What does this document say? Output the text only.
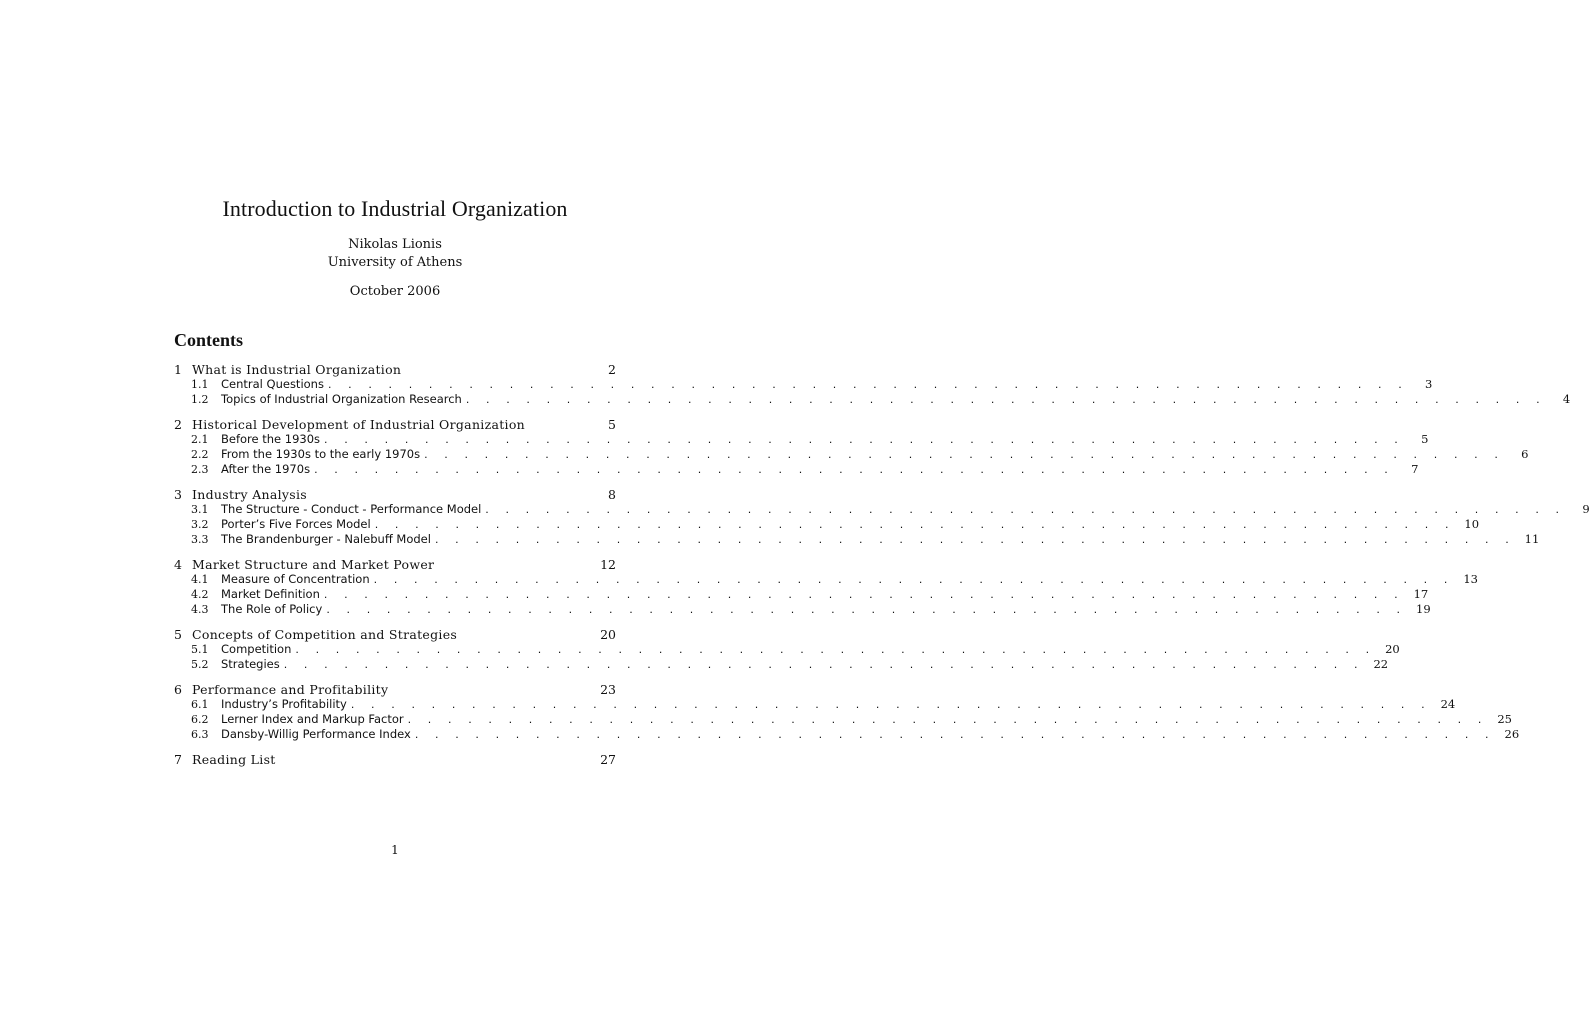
Introduction to Industrial Organization
Nikolas Lionis
University of Athens
October 2006
Contents
1 What is Industrial Organization	2
1.1	Central Questions . . . . . . . . . . . . . . . . . . . . . . . . . . . . . . . . . . . . . . . . . . . . . . . . . . . . . .	3
1.2	Topics of Industrial Organization Research . . . . . . . . . . . . . . . . . . . . . . . . . . . . . . . . . . . . . . . . . . . . . . . . . . . . . .	4
2 Historical Development of Industrial Organization	5
2.1	Before the 1930s . . . . . . . . . . . . . . . . . . . . . . . . . . . . . . . . . . . . . . . . . . . . . . . . . . . . . .	5
2.2	From the 1930s to the early 1970s . . . . . . . . . . . . . . . . . . . . . . . . . . . . . . . . . . . . . . . . . . . . . . . . . . . . . .	6
2.3	After the 1970s . . . . . . . . . . . . . . . . . . . . . . . . . . . . . . . . . . . . . . . . . . . . . . . . . . . . . .	7
3 Industry Analysis	8
3.1	The Structure - Conduct - Performance Model . . . . . . . . . . . . . . . . . . . . . . . . . . . . . . . . . . . . . . . . . . . . . . . . . . . . . .	9
3.2	Porter’s Five Forces Model . . . . . . . . . . . . . . . . . . . . . . . . . . . . . . . . . . . . . . . . . . . . . . . . . . . . . . 10
3.3	The Brandenburger - Nalebuff Model . . . . . . . . . . . . . . . . . . . . . . . . . . . . . . . . . . . . . . . . . . . . . . . . . . . . . . 11
4 Market Structure and Market Power	12
4.1	Measure of Concentration . . . . . . . . . . . . . . . . . . . . . . . . . . . . . . . . . . . . . . . . . . . . . . . . . . . . . . 13
4.2	Market Definition . . . . . . . . . . . . . . . . . . . . . . . . . . . . . . . . . . . . . . . . . . . . . . . . . . . . . . 17
4.3	The Role of Policy . . . . . . . . . . . . . . . . . . . . . . . . . . . . . . . . . . . . . . . . . . . . . . . . . . . . . . 19
5 Concepts of Competition and Strategies	20
5.1	Competition . . . . . . . . . . . . . . . . . . . . . . . . . . . . . . . . . . . . . . . . . . . . . . . . . . . . . . 20
5.2	Strategies . . . . . . . . . . . . . . . . . . . . . . . . . . . . . . . . . . . . . . . . . . . . . . . . . . . . . . 22
6 Performance and Profitability	23
6.1	Industry’s Profitability . . . . . . . . . . . . . . . . . . . . . . . . . . . . . . . . . . . . . . . . . . . . . . . . . . . . . . 24
6.2	Lerner Index and Markup Factor . . . . . . . . . . . . . . . . . . . . . . . . . . . . . . . . . . . . . . . . . . . . . . . . . . . . . . 25
6.3	Dansby-Willig Performance Index . . . . . . . . . . . . . . . . . . . . . . . . . . . . . . . . . . . . . . . . . . . . . . . . . . . . . . 26
7 Reading List	27
1
